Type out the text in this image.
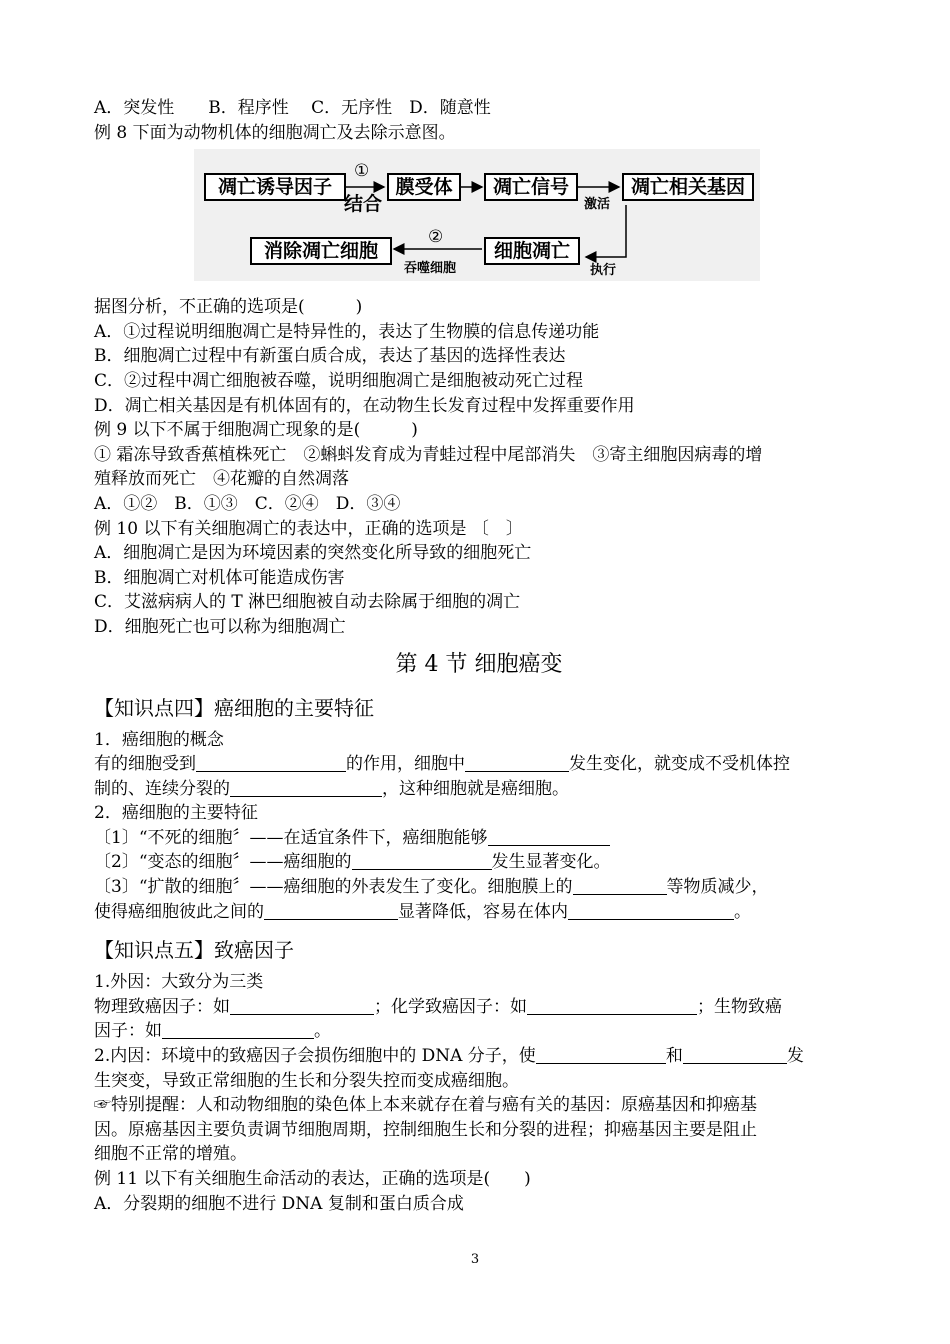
A．突发性　　B．程序性　 C．无序性　D．随意性
例 8 下面为动物机体的细胞凋亡及去除示意图。
凋亡诱导因子
①
结合
膜受体	凋亡信号
激活
凋亡相关基因
细胞凋亡
执行
②
吞噬细胞
消除凋亡细胞
据图分析，不正确的选项是(　　　)
A．①过程说明细胞凋亡是特异性的，表达了生物膜的信息传递功能
B．细胞凋亡过程中有新蛋白质合成，表达了基因的选择性表达
C．②过程中凋亡细胞被吞噬，说明细胞凋亡是细胞被动死亡过程
D．凋亡相关基因是有机体固有的，在动物生长发育过程中发挥重要作用
例 9 以下不属于细胞凋亡现象的是(　　　)
① 霜冻导致香蕉植株死亡　②蝌蚪发育成为青蛙过程中尾部消失　③寄主细胞因病毒的增
殖释放而死亡　④花瓣的自然凋落
A．①②　B．①③　C．②④　D．③④
例 10 以下有关细胞凋亡的表达中，正确的选项是 〔　〕
A．细胞凋亡是因为环境因素的突然变化所导致的细胞死亡
B．细胞凋亡对机体可能造成伤害
C．艾滋病病人的 T 淋巴细胞被自动去除属于细胞的凋亡
D．细胞死亡也可以称为细胞凋亡
第 4 节 细胞癌变
【知识点四】癌细胞的主要特征
1．癌细胞的概念
有的细胞受到	的作用，细胞中	发生变化，就变成不受机体控
制的、连续分裂的	，这种细胞就是癌细胞。
2．癌细胞的主要特征
〔1〕“不死的细胞〞——在适宜条件下，癌细胞能够
〔2〕“变态的细胞〞——癌细胞的	发生显著变化。
〔3〕“扩散的细胞〞——癌细胞的外表发生了变化。细胞膜上的	等物质减少，
使得癌细胞彼此之间的	显著降低，容易在体内	。
【知识点五】致癌因子
1.外因：大致分为三类
物理致癌因子：如	；化学致癌因子：如	；生物致癌
因子：如	。
2.内因：环境中的致癌因子会损伤细胞中的 DNA 分子，使	和	发
生突变，导致正常细胞的生长和分裂失控而变成癌细胞。
☞特别提醒：人和动物细胞的染色体上本来就存在着与癌有关的基因：原癌基因和抑癌基
因。原癌基因主要负责调节细胞周期，控制细胞生长和分裂的进程；抑癌基因主要是阻止
细胞不正常的增殖。
例 11 以下有关细胞生命活动的表达，正确的选项是(　　)
A．分裂期的细胞不进行 DNA 复制和蛋白质合成
3
